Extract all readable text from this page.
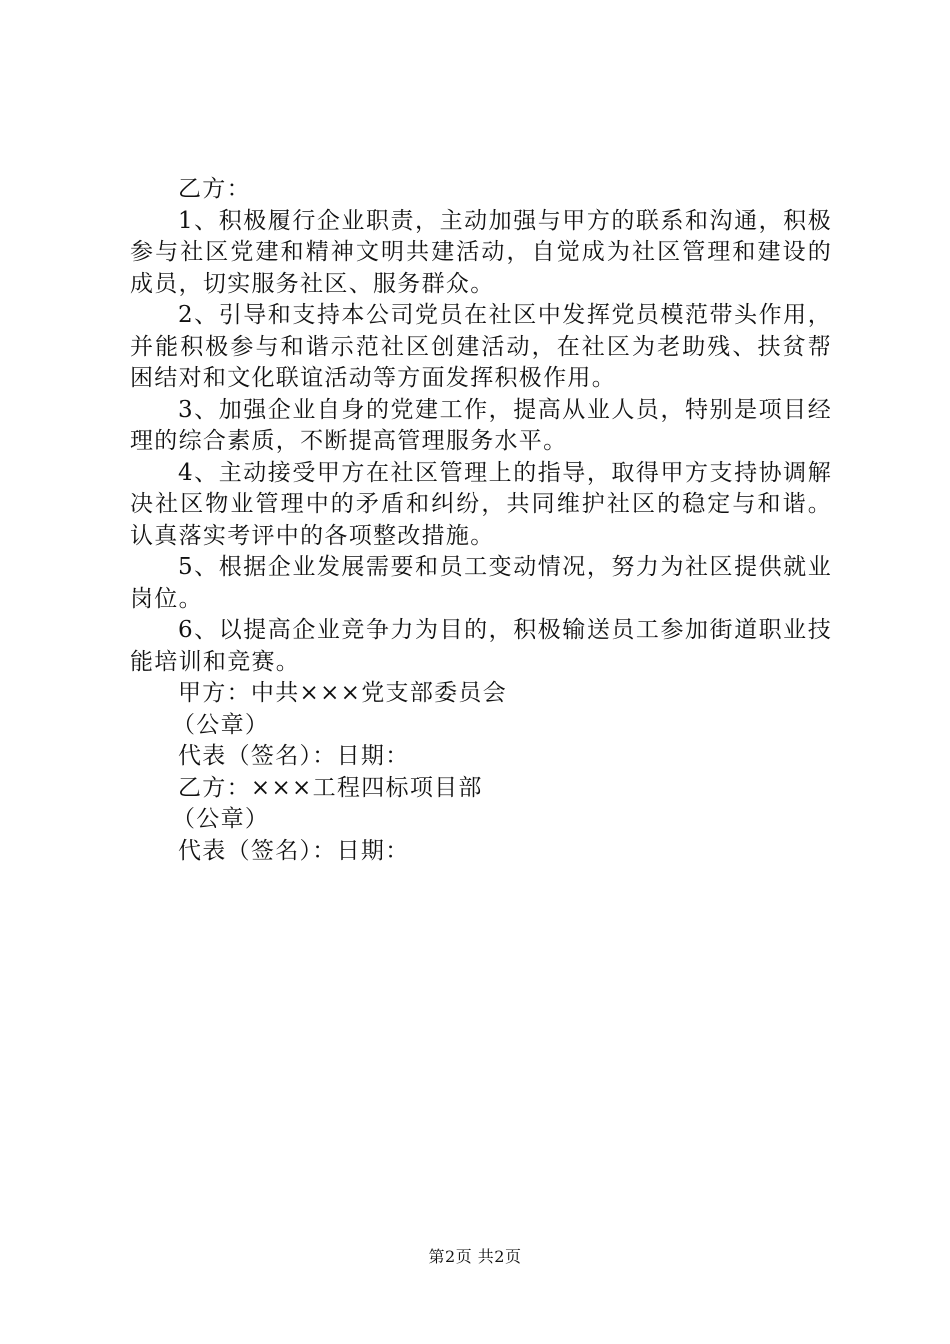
乙方：

1、积极履行企业职责，主动加强与甲方的联系和沟通，积极参与社区党建和精神文明共建活动，自觉成为社区管理和建设的成员，切实服务社区、服务群众。

2、引导和支持本公司党员在社区中发挥党员模范带头作用，并能积极参与和谐示范社区创建活动，在社区为老助残、扶贫帮困结对和文化联谊活动等方面发挥积极作用。

3、加强企业自身的党建工作，提高从业人员，特别是项目经理的综合素质，不断提高管理服务水平。

4、主动接受甲方在社区管理上的指导，取得甲方支持协调解决社区物业管理中的矛盾和纠纷，共同维护社区的稳定与和谐。认真落实考评中的各项整改措施。

5、根据企业发展需要和员工变动情况，努力为社区提供就业岗位。

6、以提高企业竞争力为目的，积极输送员工参加街道职业技能培训和竞赛。

甲方：中共×××党支部委员会

（公章）

代表（签名）：日期：

乙方：×××工程四标项目部

（公章）

代表（签名）：日期：

第2页 共2页
